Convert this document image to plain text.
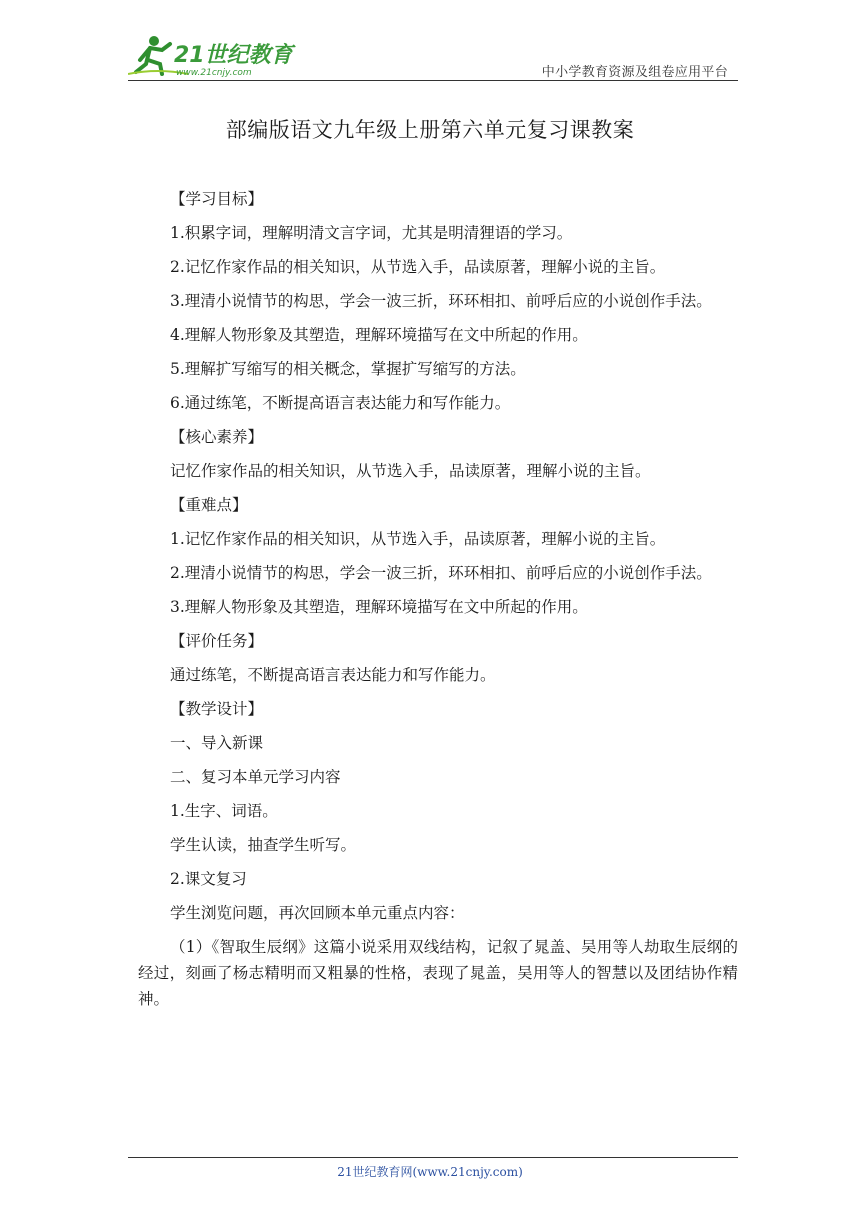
21世纪教育
www.21cnjy.com	中小学教育资源及组卷应用平台
部编版语文九年级上册第六单元复习课教案

【学习目标】

1.积累字词，理解明清文言字词，尤其是明清狸语的学习。

2.记忆作家作品的相关知识，从节选入手，品读原著，理解小说的主旨。

3.理清小说情节的构思，学会一波三折，环环相扣、前呼后应的小说创作手法。

4.理解人物形象及其塑造，理解环境描写在文中所起的作用。

5.理解扩写缩写的相关概念，掌握扩写缩写的方法。

6.通过练笔，不断提高语言表达能力和写作能力。

【核心素养】

记忆作家作品的相关知识，从节选入手，品读原著，理解小说的主旨。

【重难点】

1.记忆作家作品的相关知识，从节选入手，品读原著，理解小说的主旨。

2.理清小说情节的构思，学会一波三折，环环相扣、前呼后应的小说创作手法。

3.理解人物形象及其塑造，理解环境描写在文中所起的作用。

【评价任务】

通过练笔，不断提高语言表达能力和写作能力。

【教学设计】

一、导入新课

二、复习本单元学习内容

1.生字、词语。

学生认读，抽查学生听写。

2.课文复习

学生浏览问题，再次回顾本单元重点内容：

（1）《智取生辰纲》这篇小说采用双线结构，记叙了晁盖、吴用等人劫取生辰纲的经过，刻画了杨志精明而又粗暴的性格，表现了晁盖，吴用等人的智慧以及团结协作精神。

21世纪教育网(www.21cnjy.com)
